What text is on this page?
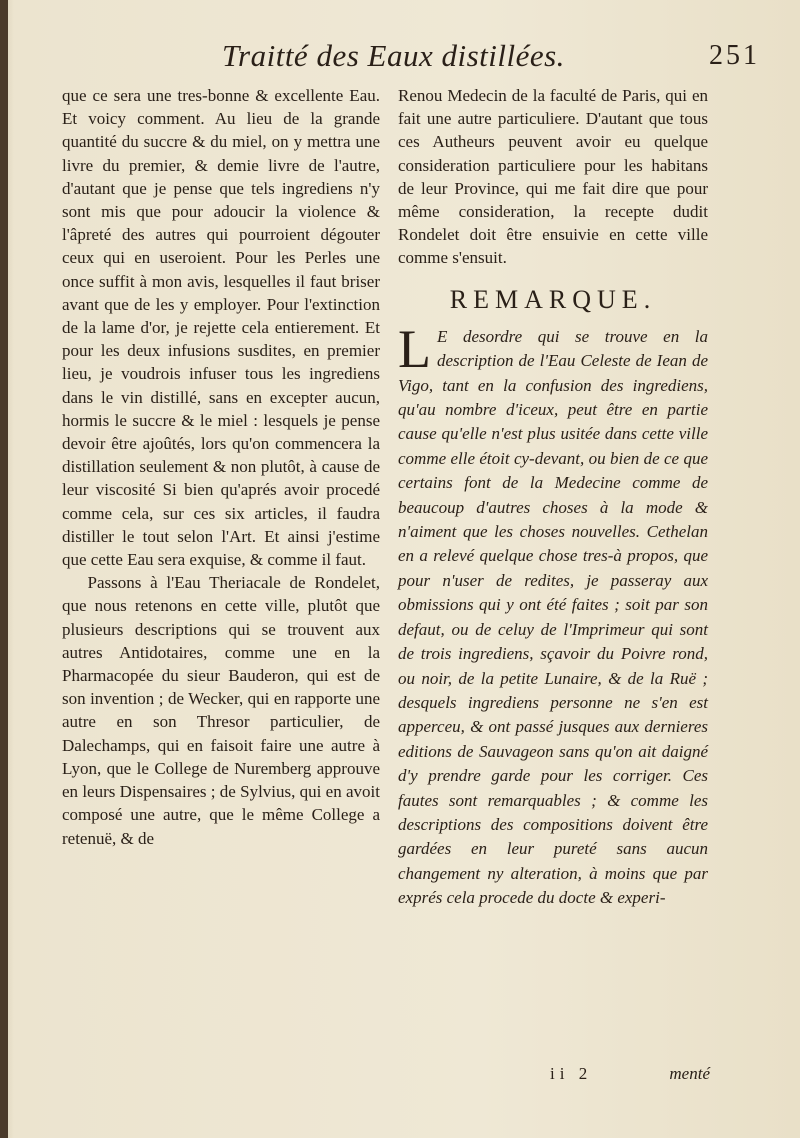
Traitté des Eaux distillées.	251

que ce sera une tres-bonne & excellente Eau. Et voicy comment. Au lieu de la grande quantité du succre & du miel, on y mettra une livre du premier, & demie livre de l'autre, d'autant que je pense que tels ingrediens n'y sont mis que pour adoucir la violence & l'âpreté des autres qui pourroient dégouter ceux qui en useroient. Pour les Perles une once suffit à mon avis, lesquelles il faut briser avant que de les y employer. Pour l'extinction de la lame d'or, je rejette cela entierement. Et pour les deux infusions susdites, en premier lieu, je voudrois infuser tous les ingrediens dans le vin distillé, sans en excepter aucun, hormis le succre & le miel : lesquels je pense devoir être ajoûtés, lors qu'on commencera la distillation seulement & non plutôt, à cause de leur viscosité Si bien qu'aprés avoir procedé comme cela, sur ces six articles, il faudra distiller le tout selon l'Art. Et ainsi j'estime que cette Eau sera exquise, & comme il faut.

Passons à l'Eau Theriacale de Rondelet, que nous retenons en cette ville, plutôt que plusieurs descriptions qui se trouvent aux autres Antidotaires, comme une en la Pharmacopée du sieur Bauderon, qui est de son invention ; de Wecker, qui en rapporte une autre en son Thresor particulier, de Dalechamps, qui en faisoit faire une autre à Lyon, que le College de Nuremberg approuve en leurs Dispensaires ; de Sylvius, qui en avoit composé une autre, que le même College a retenuë, & de

Renou Medecin de la faculté de Paris, qui en fait une autre particuliere. D'autant que tous ces Autheurs peuvent avoir eu quelque consideration particuliere pour les habitans de leur Province, qui me fait dire que pour même consideration, la recepte dudit Rondelet doit être ensuivie en cette ville comme s'ensuit.

REMARQUE.

L E desordre qui se trouve en la description de l'Eau Celeste de Iean de Vigo, tant en la confusion des ingrediens, qu'au nombre d'iceux, peut être en partie cause qu'elle n'est plus usitée dans cette ville comme elle étoit cy-devant, ou bien de ce que certains font de la Medecine comme de beaucoup d'autres choses à la mode & n'aiment que les choses nouvelles. Cethelan en a relevé quelque chose tres-à propos, que pour n'user de redites, je passeray aux obmissions qui y ont été faites ; soit par son defaut, ou de celuy de l'Imprimeur qui sont de trois ingrediens, sçavoir du Poivre rond, ou noir, de la petite Lunaire, & de la Ruë ; desquels ingrediens personne ne s'en est apperceu, & ont passé jusques aux dernieres editions de Sauvageon sans qu'on ait daigné d'y prendre garde pour les corriger. Ces fautes sont remarquables ; & comme les descriptions des compositions doivent être gardées en leur pureté sans aucun changement ny alteration, à moins que par exprés cela procede du docte & experi-

ii 2	menté
